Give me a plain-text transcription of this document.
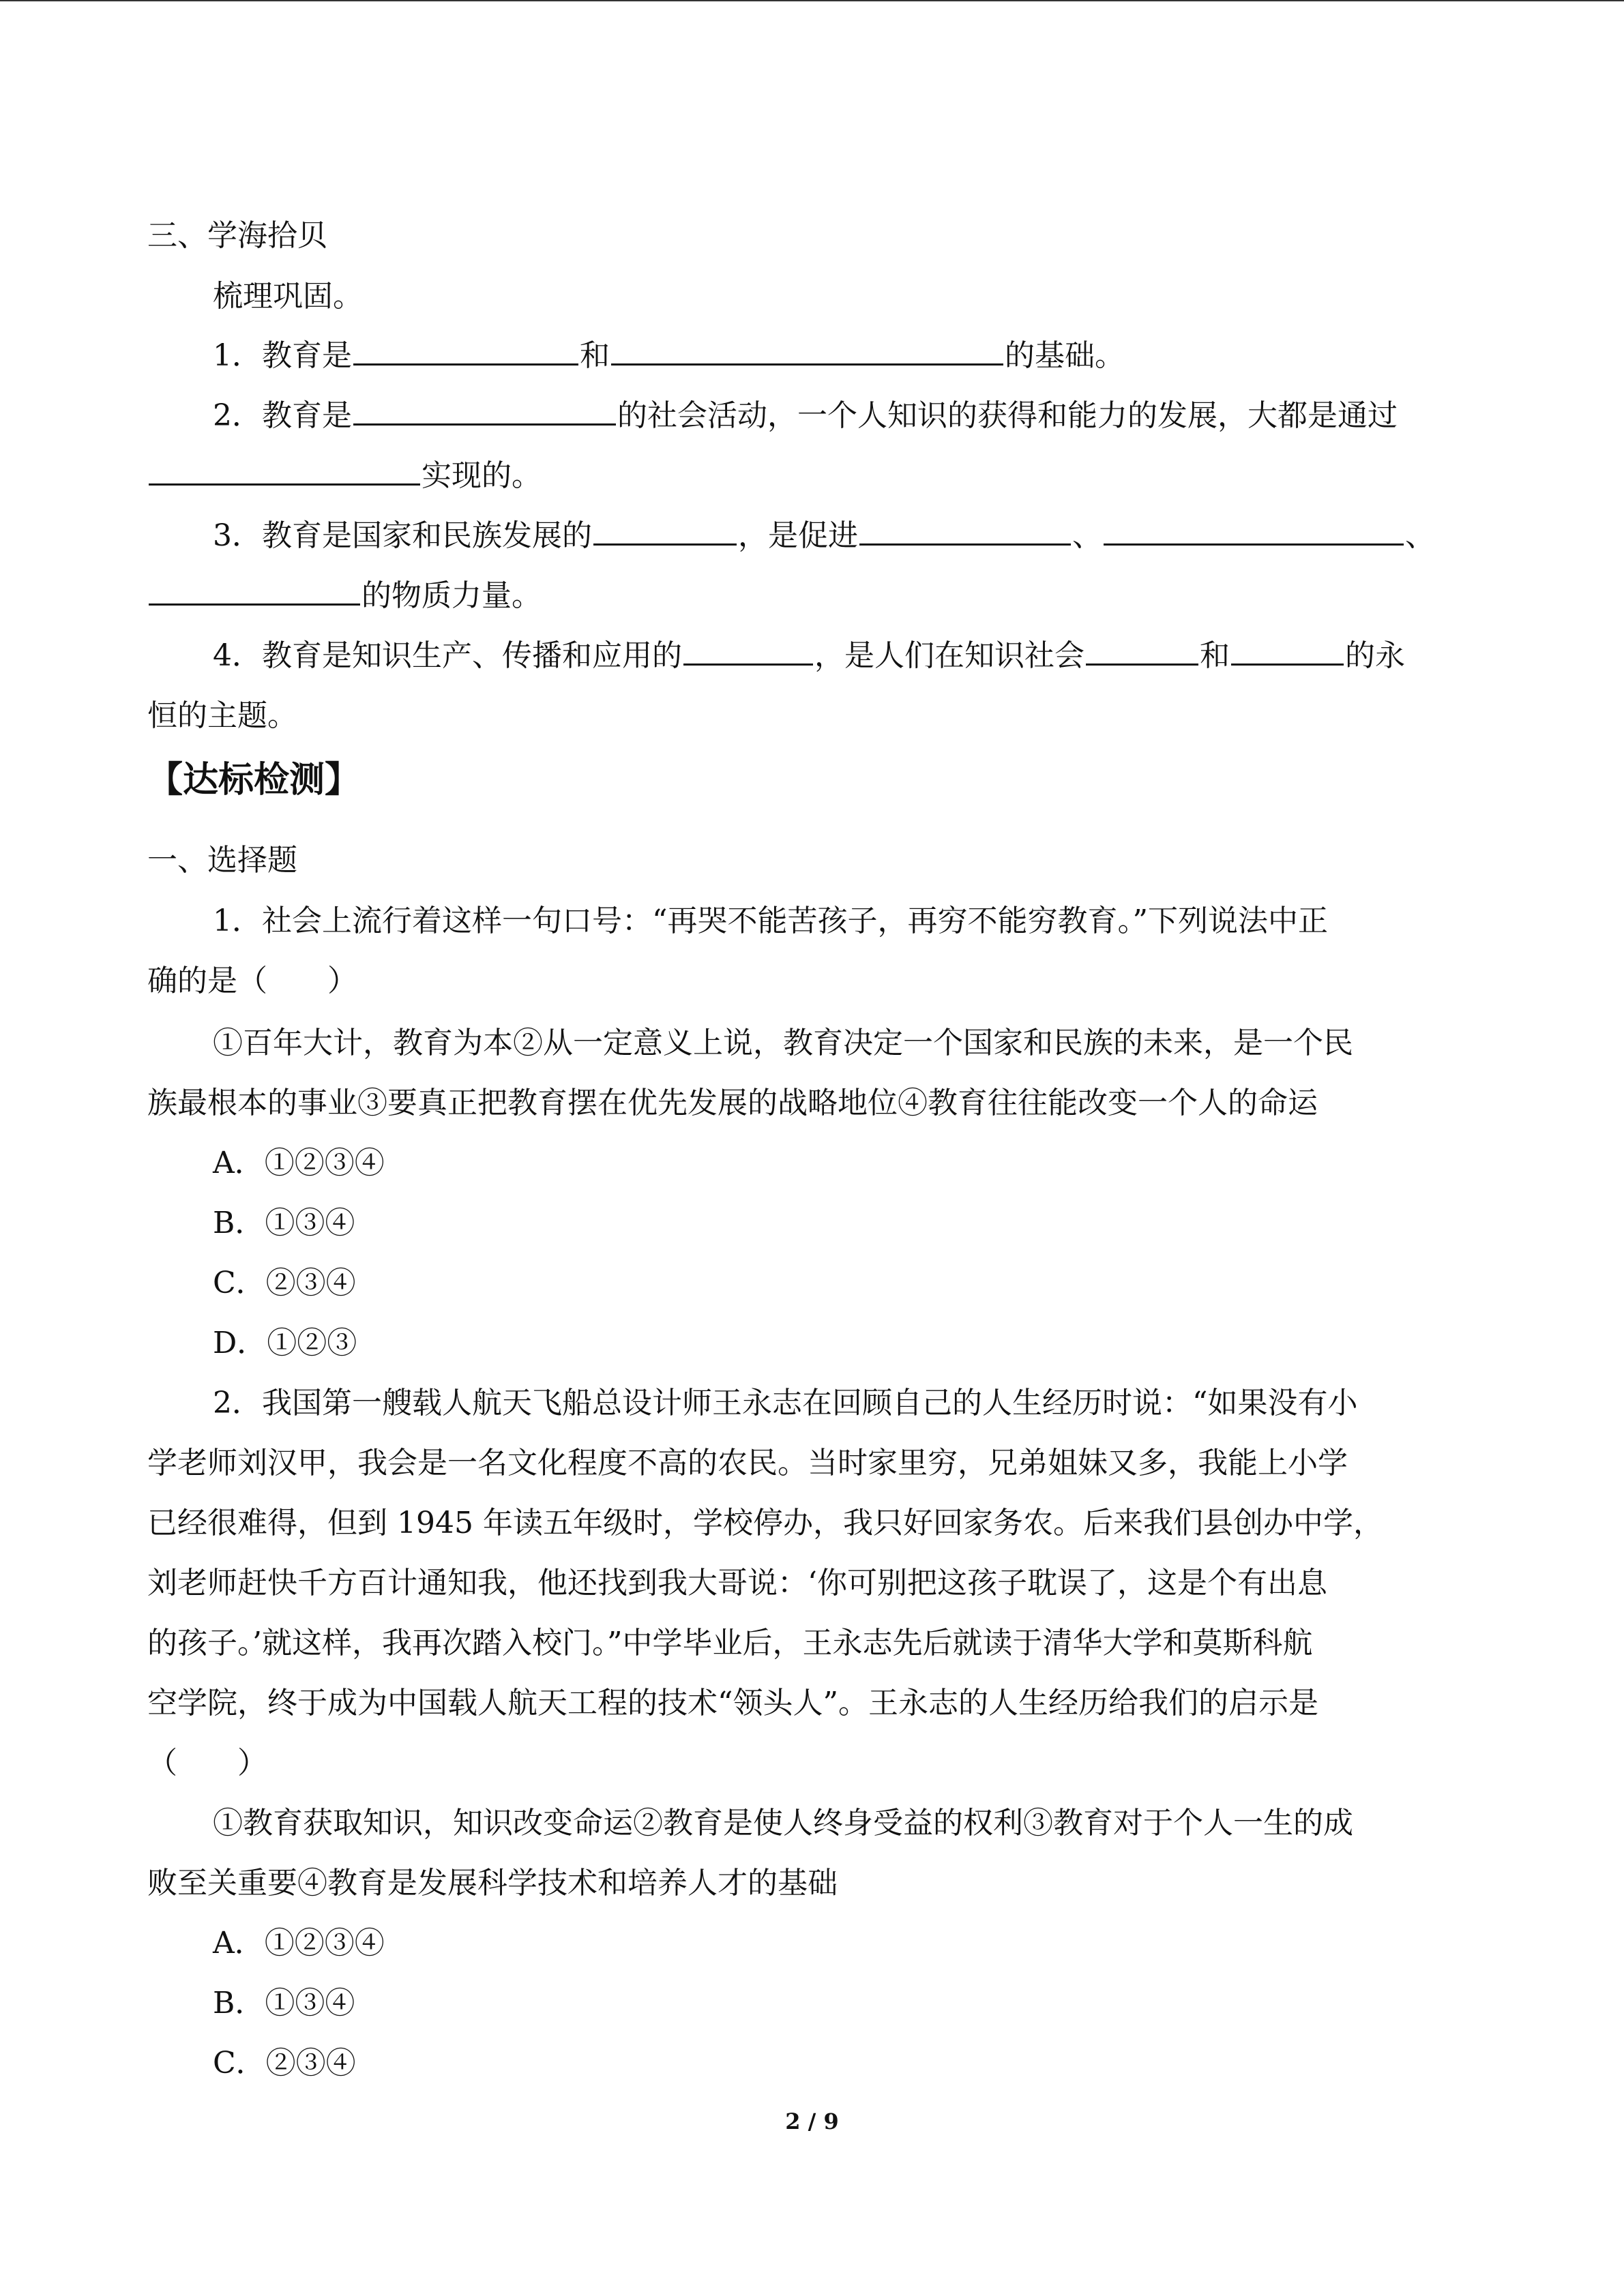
三、学海拾贝
梳理巩固。
1．教育是	和	的基础。
2．教育是	的社会活动，一个人知识的获得和能力的发展，大都是通过
实现的。
3．教育是国家和民族发展的	，是促进	、	、
的物质力量。
4．教育是知识生产、传播和应用的	，是人们在知识社会	和	的永
恒的主题。
【达标检测】
一、选择题
1．社会上流行着这样一句口号：“再哭不能苦孩子，再穷不能穷教育。”下列说法中正
确的是（　　）
①百年大计，教育为本②从一定意义上说，教育决定一个国家和民族的未来，是一个民
族最根本的事业③要真正把教育摆在优先发展的战略地位④教育往往能改变一个人的命运
A．①②③④
B．①③④
C．②③④
D．①②③
2．我国第一艘载人航天飞船总设计师王永志在回顾自己的人生经历时说：“如果没有小
学老师刘汉甲，我会是一名文化程度不高的农民。当时家里穷，兄弟姐妹又多，我能上小学
已经很难得，但到 1945 年读五年级时，学校停办，我只好回家务农。后来我们县创办中学，
刘老师赶快千方百计通知我，他还找到我大哥说：‘你可别把这孩子耽误了，这是个有出息
的孩子。’就这样，我再次踏入校门。”中学毕业后，王永志先后就读于清华大学和莫斯科航
空学院，终于成为中国载人航天工程的技术“领头人”。王永志的人生经历给我们的启示是
（　　）
①教育获取知识，知识改变命运②教育是使人终身受益的权利③教育对于个人一生的成
败至关重要④教育是发展科学技术和培养人才的基础
A．①②③④
B．①③④
C．②③④
2 / 9
